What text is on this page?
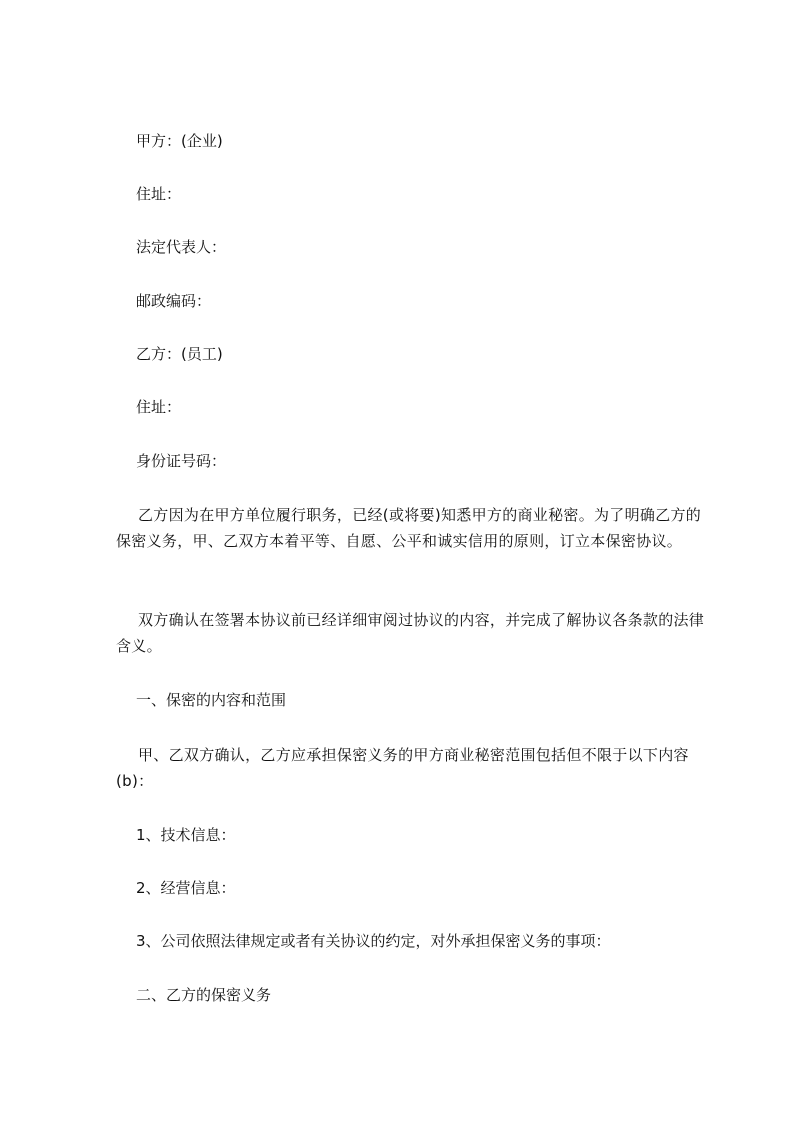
甲方：(企业)
住址：
法定代表人：
邮政编码：
乙方：(员工)
住址：
身份证号码：

乙方因为在甲方单位履行职务，已经(或将要)知悉甲方的商业秘密。为了明确乙方的保密义务，甲、乙双方本着平等、自愿、公平和诚实信用的原则，订立本保密协议。

双方确认在签署本协议前已经详细审阅过协议的内容，并完成了解协议各条款的法律含义。

一、保密的内容和范围

甲、乙双方确认，乙方应承担保密义务的甲方商业秘密范围包括但不限于以下内容(b)：

1、技术信息：
2、经营信息：
3、公司依照法律规定或者有关协议的约定，对外承担保密义务的事项：
二、乙方的保密义务
